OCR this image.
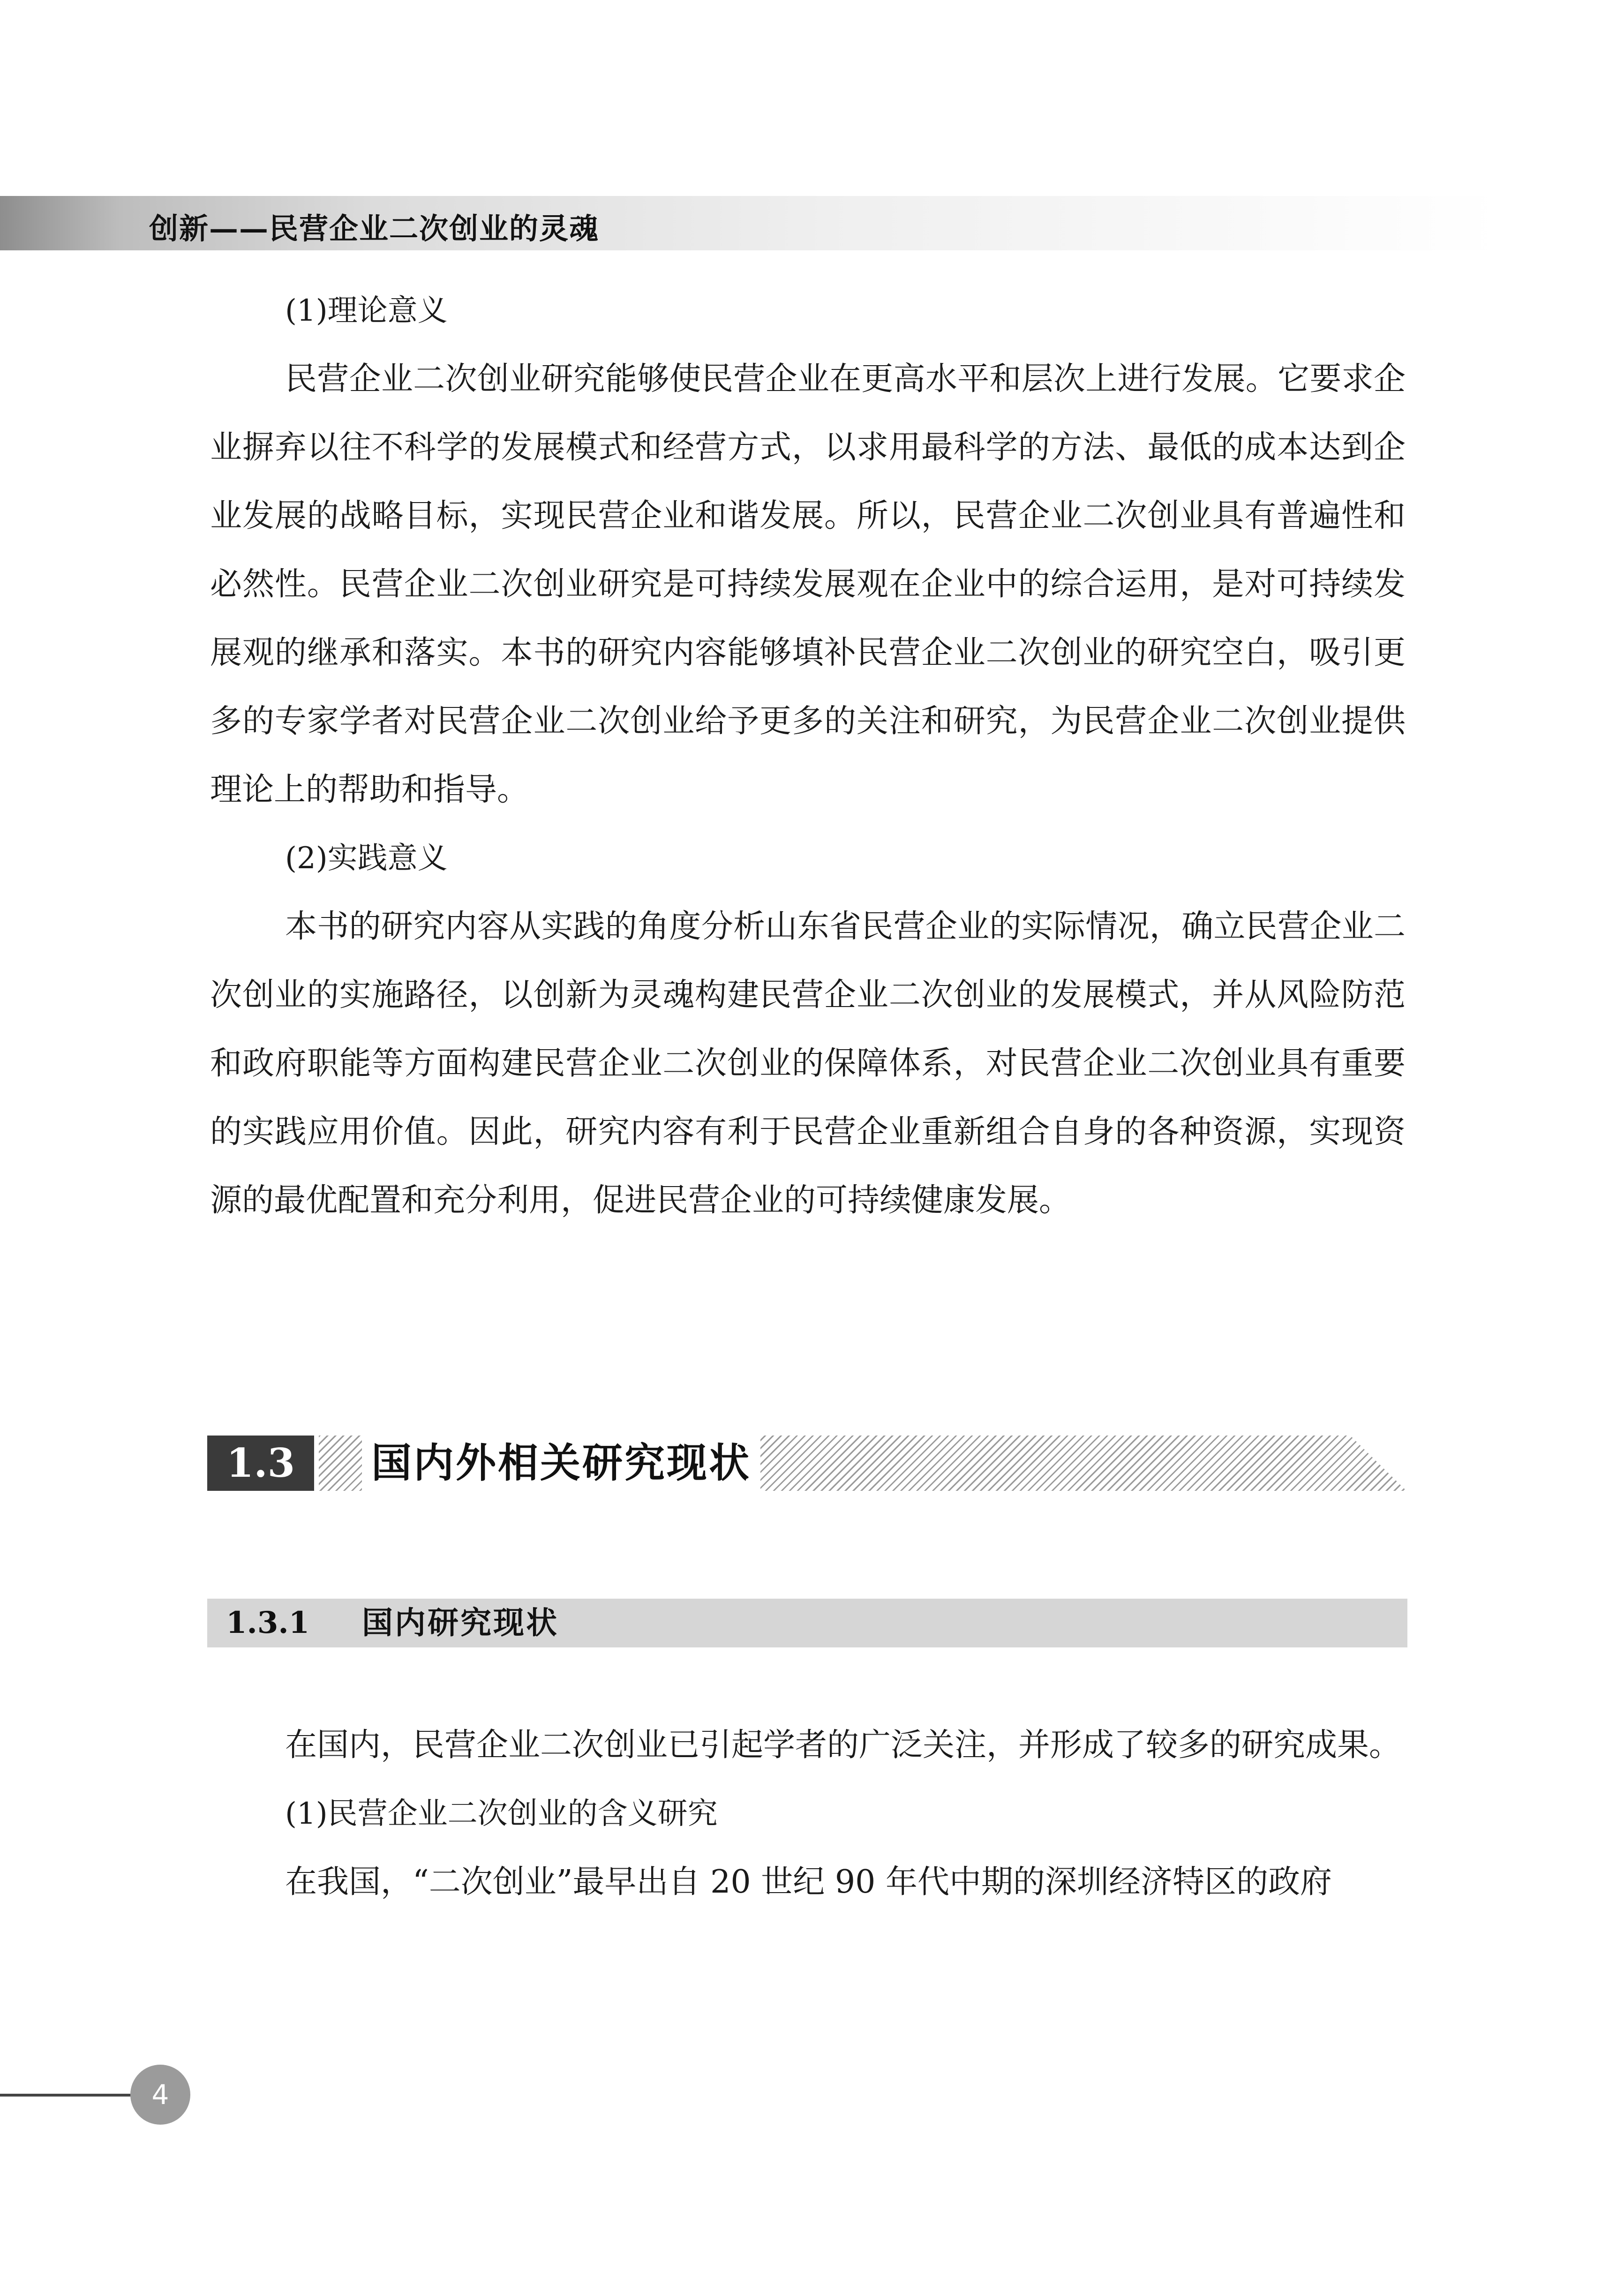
创新——民营企业二次创业的灵魂

(1)理论意义

民营企业二次创业研究能够使民营企业在更高水平和层次上进行发展。它要求企业摒弃以往不科学的发展模式和经营方式，以求用最科学的方法、最低的成本达到企业发展的战略目标，实现民营企业和谐发展。所以，民营企业二次创业具有普遍性和必然性。民营企业二次创业研究是可持续发展观在企业中的综合运用，是对可持续发展观的继承和落实。本书的研究内容能够填补民营企业二次创业的研究空白，吸引更多的专家学者对民营企业二次创业给予更多的关注和研究，为民营企业二次创业提供理论上的帮助和指导。

(2)实践意义

本书的研究内容从实践的角度分析山东省民营企业的实际情况，确立民营企业二次创业的实施路径，以创新为灵魂构建民营企业二次创业的发展模式，并从风险防范和政府职能等方面构建民营企业二次创业的保障体系，对民营企业二次创业具有重要的实践应用价值。因此，研究内容有利于民营企业重新组合自身的各种资源，实现资源的最优配置和充分利用，促进民营企业的可持续健康发展。

1.3	国内外相关研究现状
1.3.1 国内研究现状

在国内，民营企业二次创业已引起学者的广泛关注，并形成了较多的研究成果。

(1)民营企业二次创业的含义研究

在我国，“二次创业”最早出自 20 世纪 90 年代中期的深圳经济特区的政府

4
